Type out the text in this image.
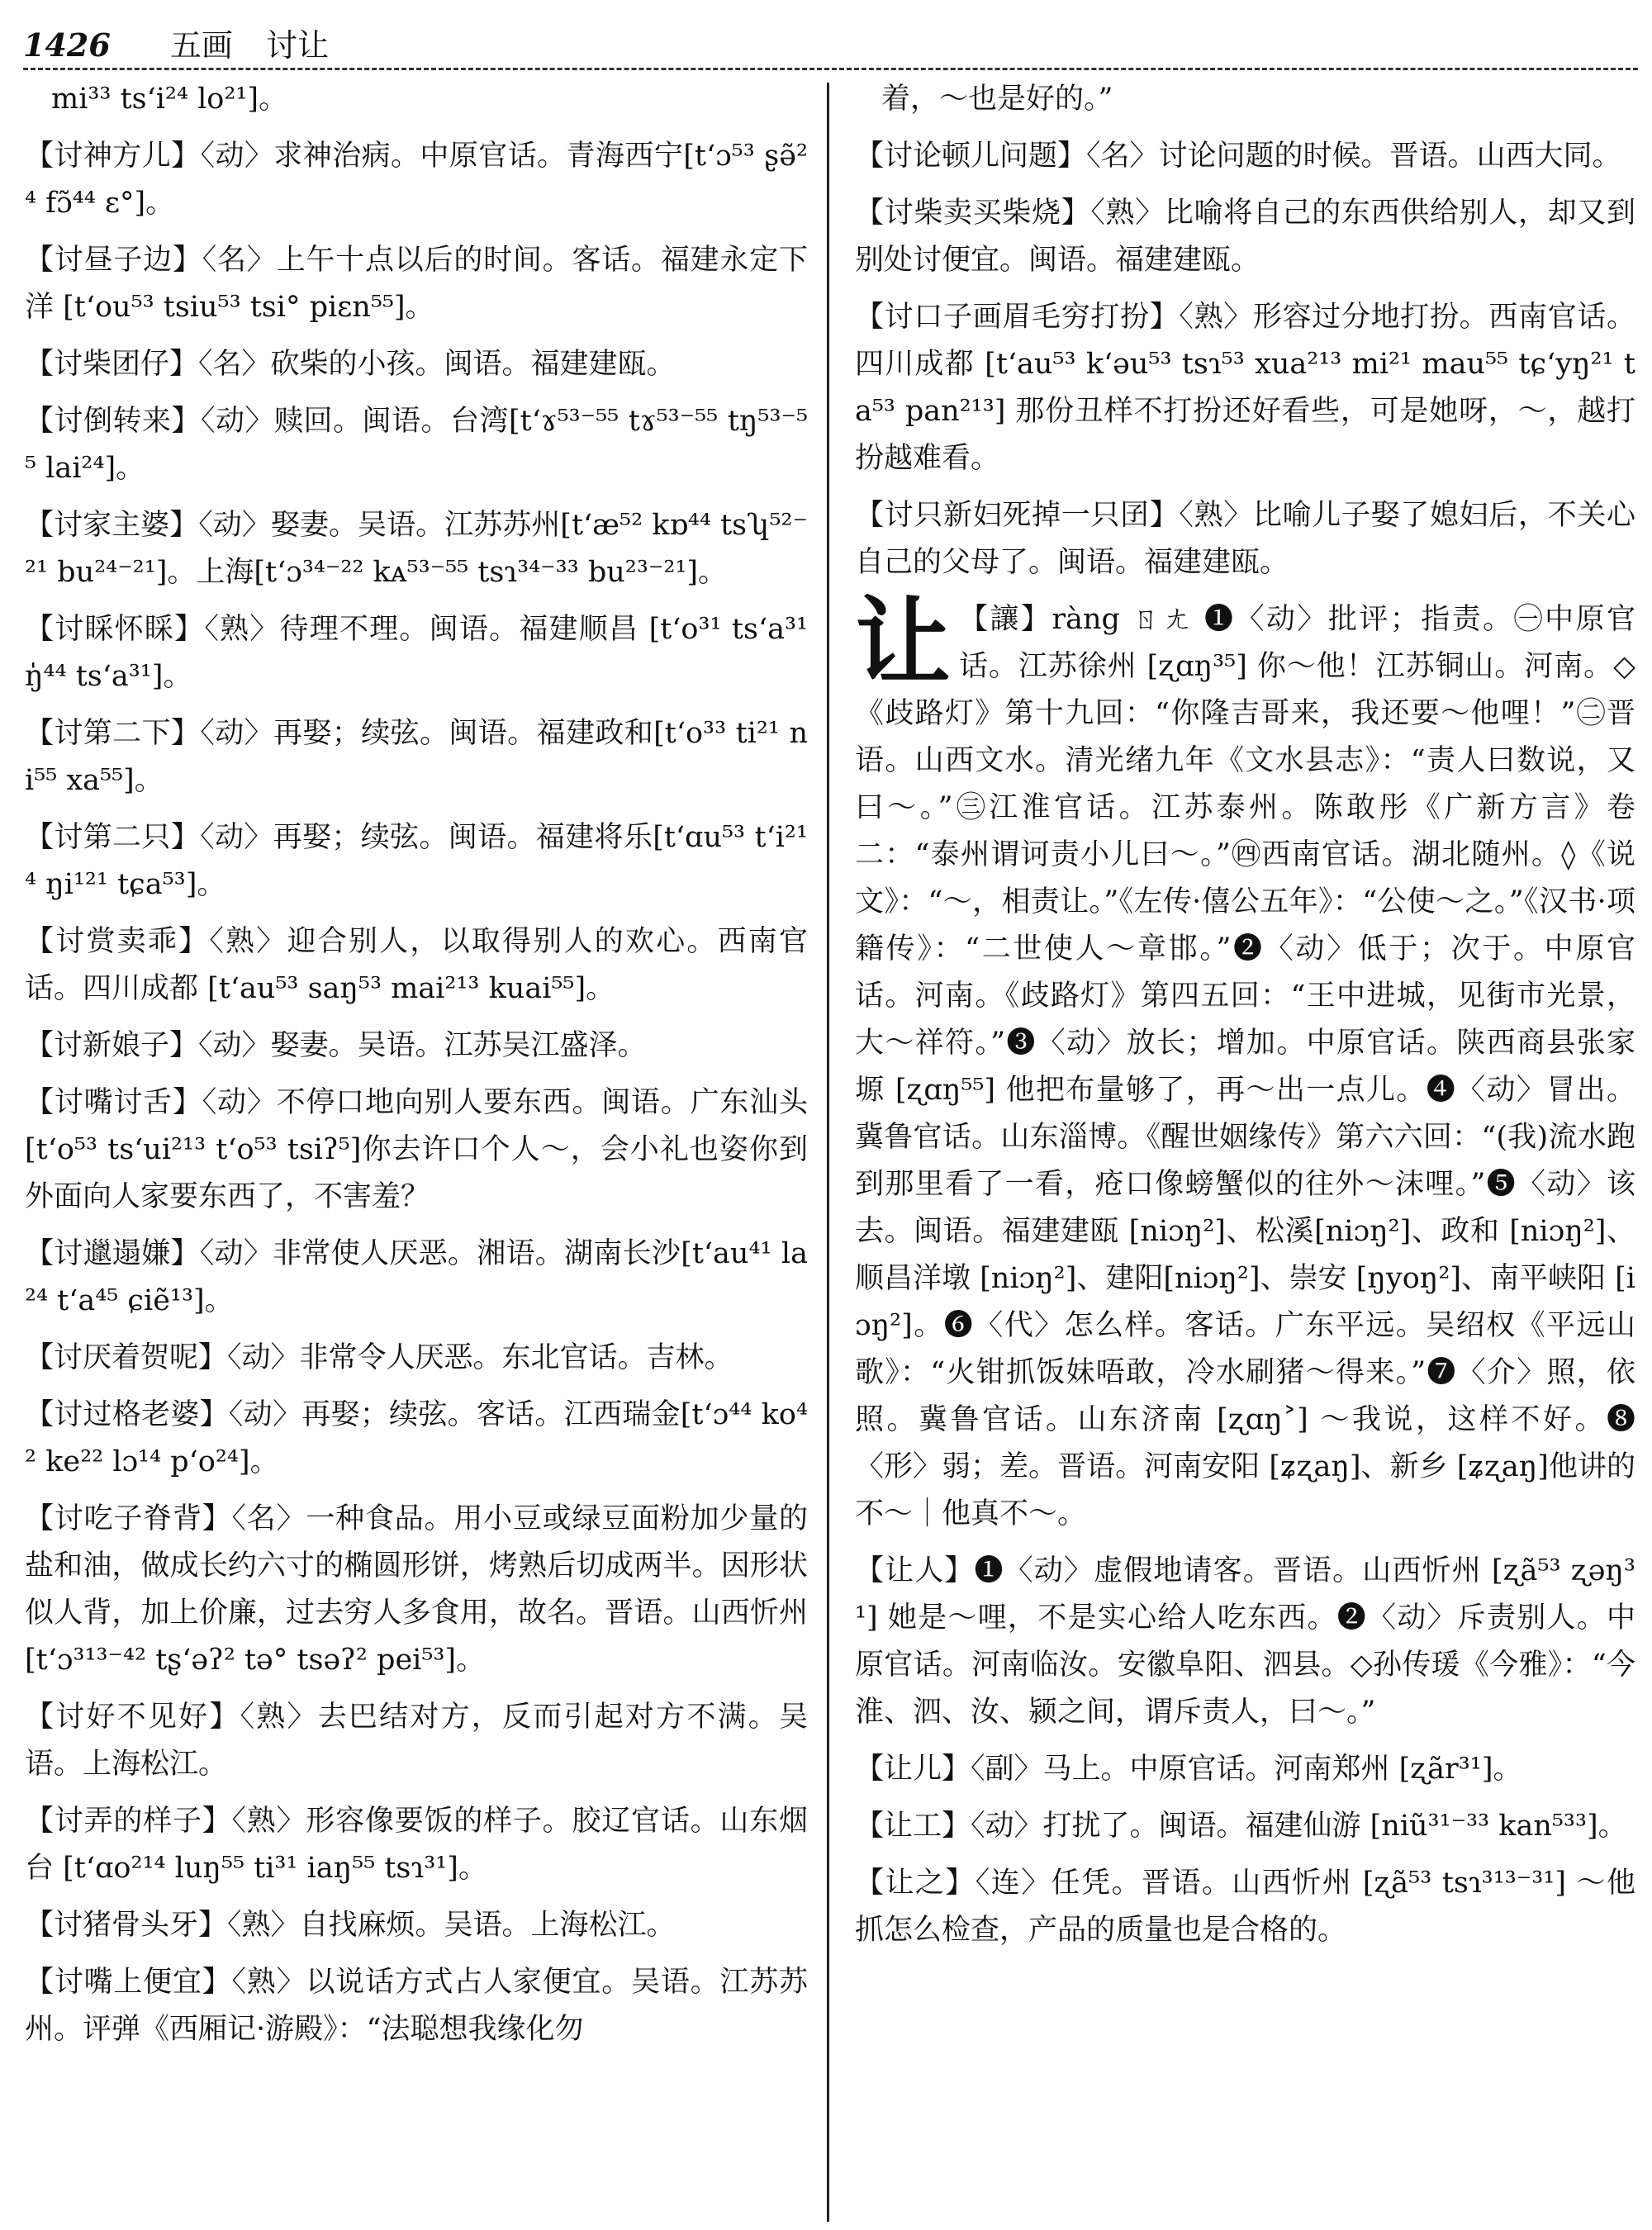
1426 五画 讨让

mi³³ ts‘i²⁴ lo²¹]。

【讨神方儿】〈动〉求神治病。中原官话。青海西宁[t‘ɔ⁵³ ʂə̃²⁴ fɔ̃⁴⁴ ɛ°]。

【讨昼子边】〈名〉上午十点以后的时间。客话。福建永定下洋 [t‘ou⁵³ tsiu⁵³ tsi° piɛn⁵⁵]。

【讨柴团仔】〈名〉砍柴的小孩。闽语。福建建瓯。

【讨倒转来】〈动〉赎回。闽语。台湾[t‘ɤ⁵³⁻⁵⁵ tɤ⁵³⁻⁵⁵ tŋ⁵³⁻⁵⁵ lai²⁴]。

【讨家主婆】〈动〉娶妻。吴语。江苏苏州[t‘æ⁵² kɒ⁴⁴ tsʮ⁵²⁻²¹ bu²⁴⁻²¹]。上海[t‘ɔ³⁴⁻²² kᴀ⁵³⁻⁵⁵ tsɿ³⁴⁻³³ bu²³⁻²¹]。

【讨睬怀睬】〈熟〉待理不理。闽语。福建顺昌 [t‘o³¹ ts‘a³¹ ŋ̍⁴⁴ ts‘a³¹]。

【讨第二下】〈动〉再娶；续弦。闽语。福建政和[t‘o³³ ti²¹ ni⁵⁵ xa⁵⁵]。

【讨第二只】〈动〉再娶；续弦。闽语。福建将乐[t‘ɑu⁵³ t‘i²¹⁴ ŋi¹²¹ tɕa⁵³]。

【讨赏卖乖】〈熟〉迎合别人，以取得别人的欢心。西南官话。四川成都 [t‘au⁵³ saŋ⁵³ mai²¹³ kuai⁵⁵]。

【讨新娘子】〈动〉娶妻。吴语。江苏吴江盛泽。

【讨嘴讨舌】〈动〉不停口地向别人要东西。闽语。广东汕头 [t‘o⁵³ ts‘ui²¹³ t‘o⁵³ tsiʔ⁵]你去许口个人～，会小礼也姿你到外面向人家要东西了，不害羞？

【讨邋遢嫌】〈动〉非常使人厌恶。湘语。湖南长沙[t‘au⁴¹ la²⁴ t‘a⁴⁵ ɕiẽ¹³]。

【讨厌着贺呢】〈动〉非常令人厌恶。东北官话。吉林。

【讨过格老婆】〈动〉再娶；续弦。客话。江西瑞金[t‘ɔ⁴⁴ ko⁴² ke²² lɔ¹⁴ p‘o²⁴]。

【讨吃子脊背】〈名〉一种食品。用小豆或绿豆面粉加少量的盐和油，做成长约六寸的椭圆形饼，烤熟后切成两半。因形状似人背，加上价廉，过去穷人多食用，故名。晋语。山西忻州 [t‘ɔ³¹³⁻⁴² tʂ‘əʔ² tə° tsəʔ² pei⁵³]。

【讨好不见好】〈熟〉去巴结对方，反而引起对方不满。吴语。上海松江。

【讨弄的样子】〈熟〉形容像要饭的样子。胶辽官话。山东烟台 [t‘ɑo²¹⁴ luŋ⁵⁵ ti³¹ iaŋ⁵⁵ tsɿ³¹]。

【讨猪骨头牙】〈熟〉自找麻烦。吴语。上海松江。

【讨嘴上便宜】〈熟〉以说话方式占人家便宜。吴语。江苏苏州。评弹《西厢记·游殿》：“法聪想我缘化勿

着，～也是好的。”

【讨论顿儿问题】〈名〉讨论问题的时候。晋语。山西大同。

【讨柴卖买柴烧】〈熟〉比喻将自己的东西供给别人，却又到别处讨便宜。闽语。福建建瓯。

【讨口子画眉毛穷打扮】〈熟〉形容过分地打扮。西南官话。四川成都 [t‘au⁵³ k‘əu⁵³ tsɿ⁵³ xua²¹³ mi²¹ mau⁵⁵ tɕ‘yŋ²¹ ta⁵³ pan²¹³] 那份丑样不打扮还好看些，可是她呀，～，越打扮越难看。

【讨只新妇死掉一只囝】〈熟〉比喻儿子娶了媳妇后，不关心自己的父母了。闽语。福建建瓯。

让 【讓】ràng ㄖㄤ ❶〈动〉批评；指责。㊀中原官话。江苏徐州 [ʐɑŋ³⁵] 你～他！江苏铜山。河南。◇《歧路灯》第十九回：“你隆吉哥来，我还要～他哩！”㊁晋语。山西文水。清光绪九年《文水县志》：“责人曰数说，又曰～。”㊂江淮官话。江苏泰州。陈敢彤《广新方言》卷二：“泰州谓诃责小儿曰～。”㊃西南官话。湖北随州。◊《说文》：“～，相责让。”《左传·僖公五年》：“公使～之。”《汉书·项籍传》：“二世使人～章邯。”❷〈动〉低于；次于。中原官话。河南。《歧路灯》第四五回：“王中进城，见街市光景，大～祥符。”❸〈动〉放长；增加。中原官话。陕西商县张家塬 [ʐɑŋ⁵⁵] 他把布量够了，再～出一点儿。❹〈动〉冒出。冀鲁官话。山东淄博。《醒世姻缘传》第六六回：“(我)流水跑到那里看了一看，疮口像螃蟹似的往外～沫哩。”❺〈动〉该去。闽语。福建建瓯 [niɔŋ²]、松溪[niɔŋ²]、政和 [niɔŋ²]、顺昌洋墩 [niɔŋ²]、建阳[niɔŋ²]、崇安 [ŋyoŋ²]、南平峡阳 [iɔŋ²]。❻〈代〉怎么样。客话。广东平远。吴绍权《平远山歌》：“火钳抓饭妹唔敢，冷水刷猪～得来。”❼〈介〉照，依照。冀鲁官话。山东济南 [ʐɑŋ˃] ～我说，这样不好。❽〈形〉弱；差。晋语。河南安阳 [ʑʐaŋ]、新乡 [ʑʐaŋ]他讲的不～｜他真不～。

【让人】❶〈动〉虚假地请客。晋语。山西忻州 [ʐã⁵³ ʐəŋ³¹] 她是～哩，不是实心给人吃东西。❷〈动〉斥责别人。中原官话。河南临汝。安徽阜阳、泗县。◇孙传瑗《今雅》：“今淮、泗、汝、颍之间，谓斥责人，曰～。”

【让儿】〈副〉马上。中原官话。河南郑州 [ʐãr³¹]。

【让工】〈动〉打扰了。闽语。福建仙游 [niũ³¹⁻³³ kan⁵³³]。

【让之】〈连〉任凭。晋语。山西忻州 [ʐã⁵³ tsɿ³¹³⁻³¹] ～他抓怎么检查，产品的质量也是合格的。
